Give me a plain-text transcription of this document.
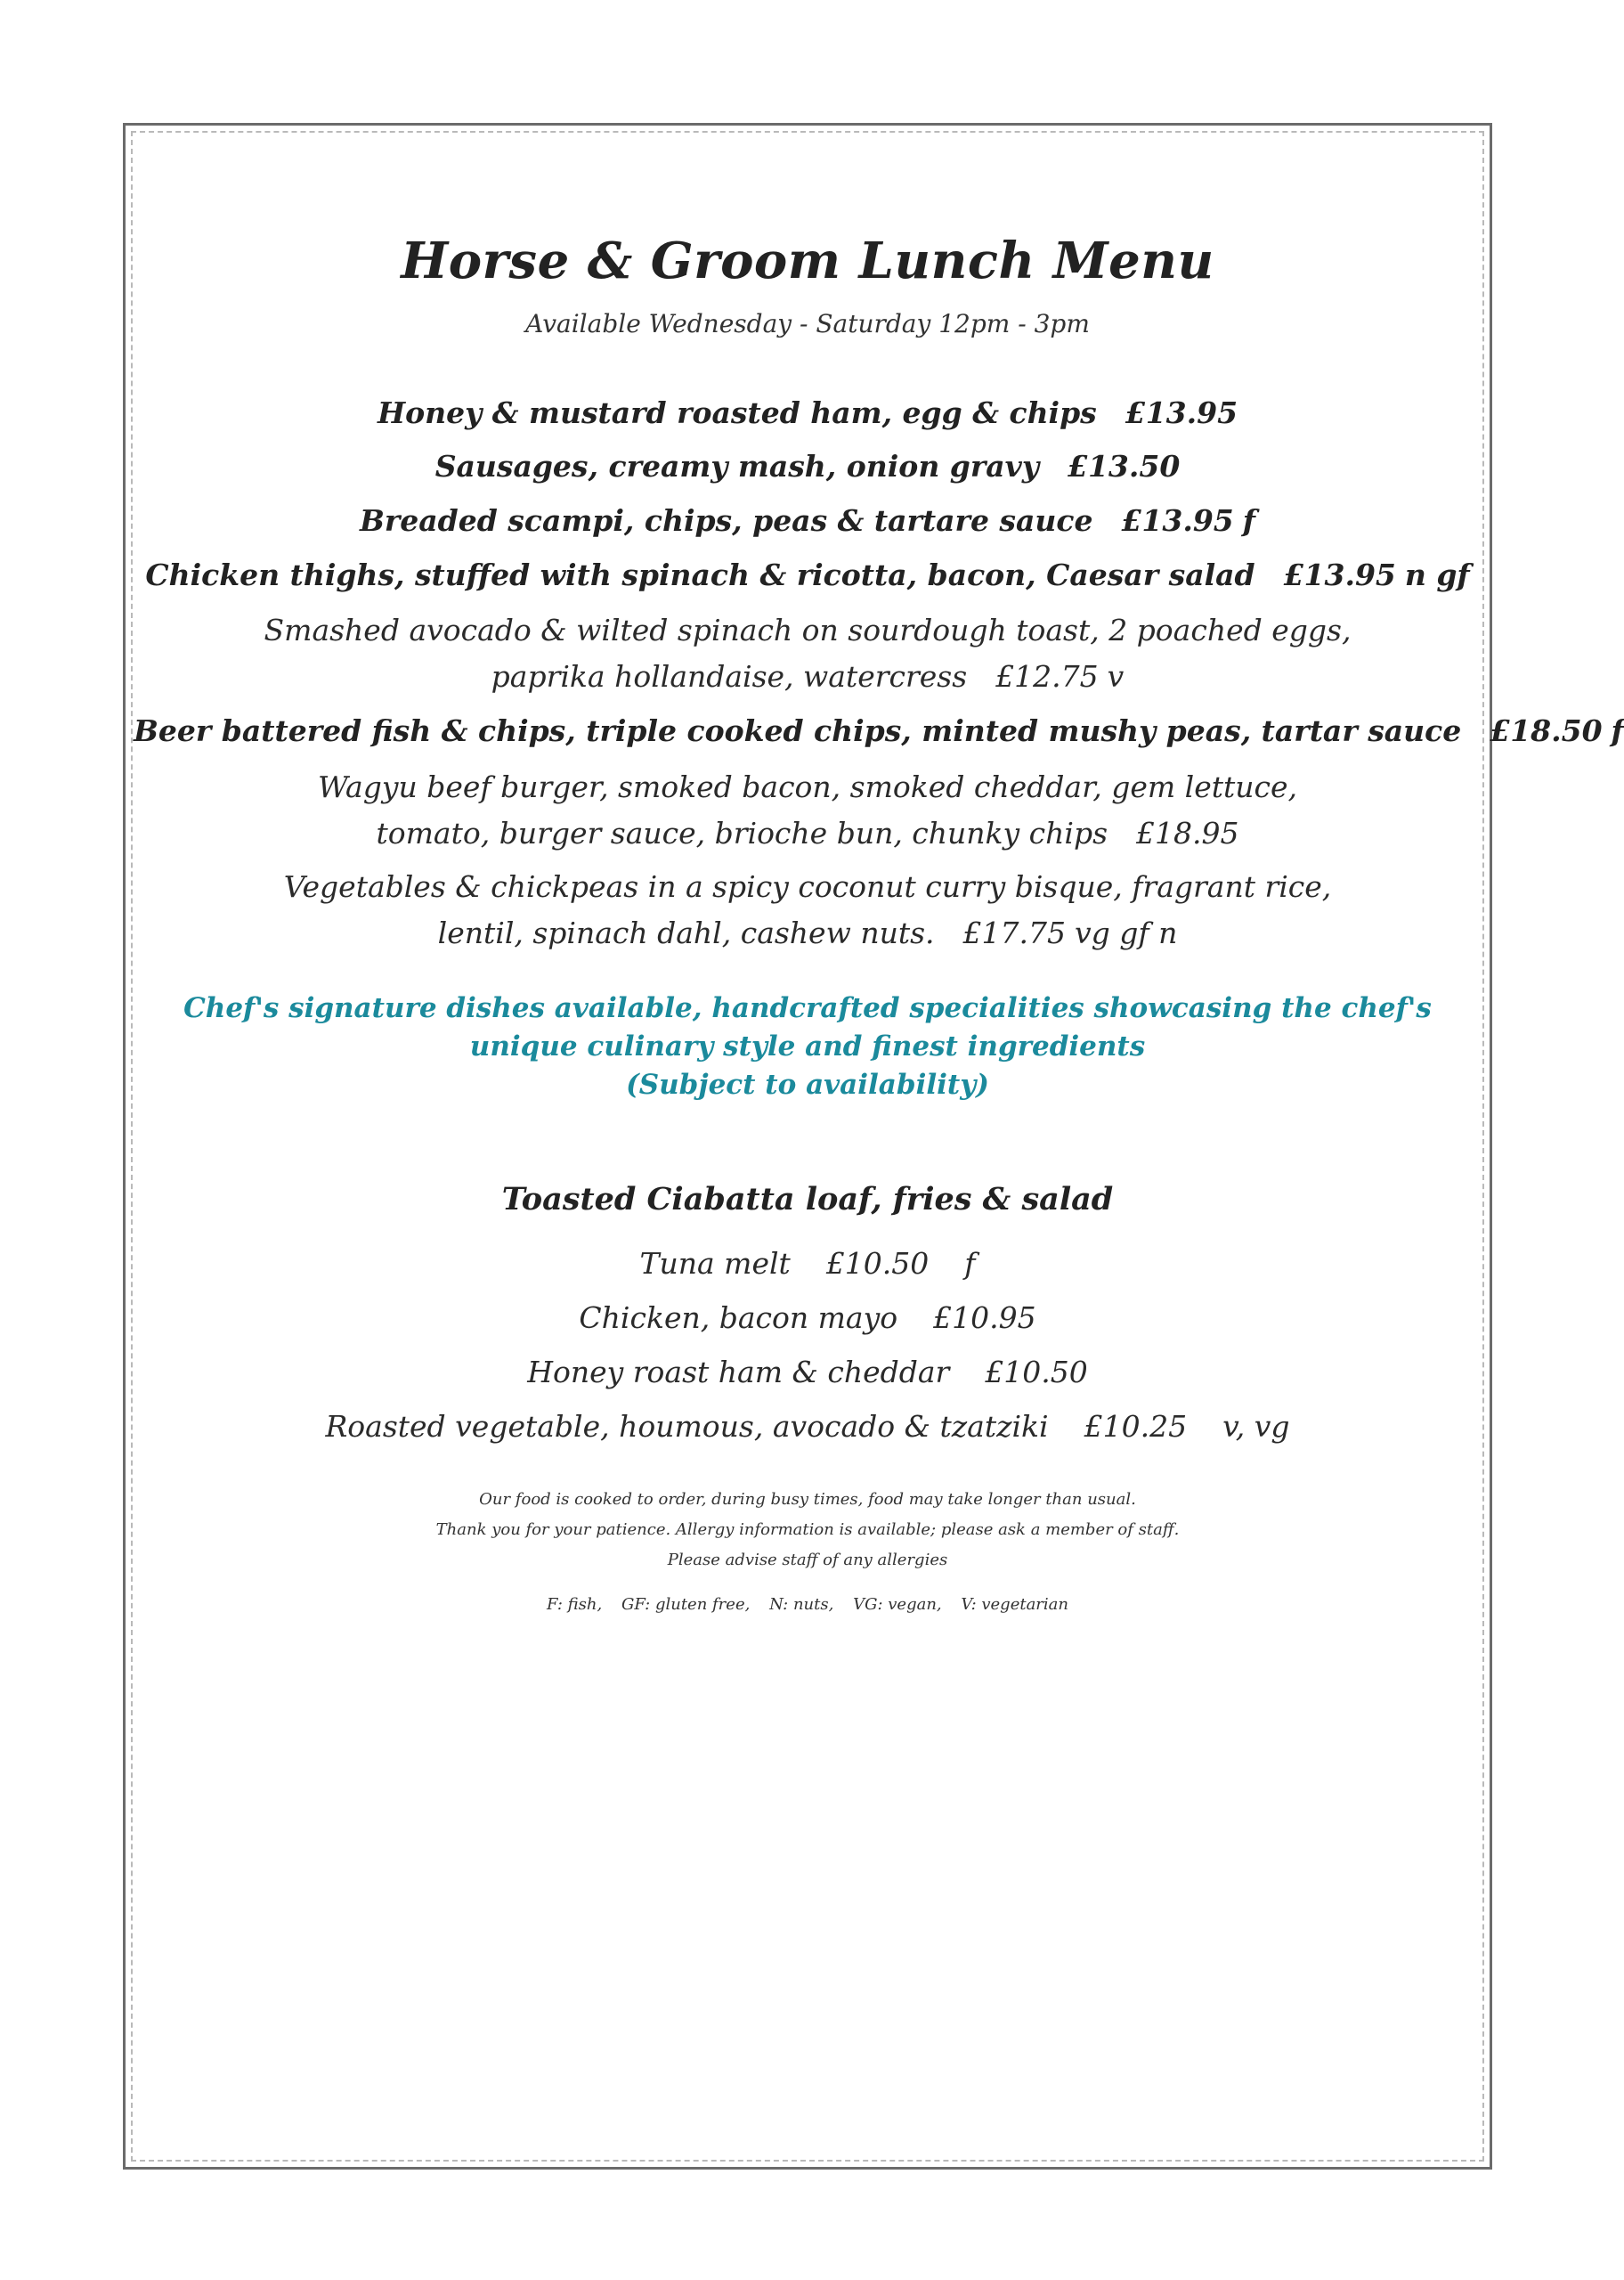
Horse & Groom Lunch Menu
Available Wednesday - Saturday 12pm - 3pm
Honey & mustard roasted ham, egg & chips £13.95
Sausages, creamy mash, onion gravy £13.50
Breaded scampi, chips, peas & tartare sauce £13.95 f
Chicken thighs, stuffed with spinach & ricotta, bacon, Caesar salad £13.95 n gf
Smashed avocado & wilted spinach on sourdough toast, 2 poached eggs, paprika hollandaise, watercress £12.75 v
Beer battered fish & chips, triple cooked chips, minted mushy peas, tartar sauce £18.50 f
Wagyu beef burger, smoked bacon, smoked cheddar, gem lettuce, tomato, burger sauce, brioche bun, chunky chips £18.95
Vegetables & chickpeas in a spicy coconut curry bisque, fragrant rice, lentil, spinach dahl, cashew nuts. £17.75 vg gf n
Chef's signature dishes available, handcrafted specialities showcasing the chef's
unique culinary style and finest ingredients
(Subject to availability)
Toasted Ciabatta loaf, fries & salad
Tuna melt £10.50 f
Chicken, bacon mayo £10.95
Honey roast ham & cheddar £10.50
Roasted vegetable, houmous, avocado & tzatziki £10.25 v, vg
Our food is cooked to order, during busy times, food may take longer than usual.
Thank you for your patience. Allergy information is available; please ask a member of staff.
Please advise staff of any allergies
F: fish, GF: gluten free, N: nuts, VG: vegan, V: vegetarian
